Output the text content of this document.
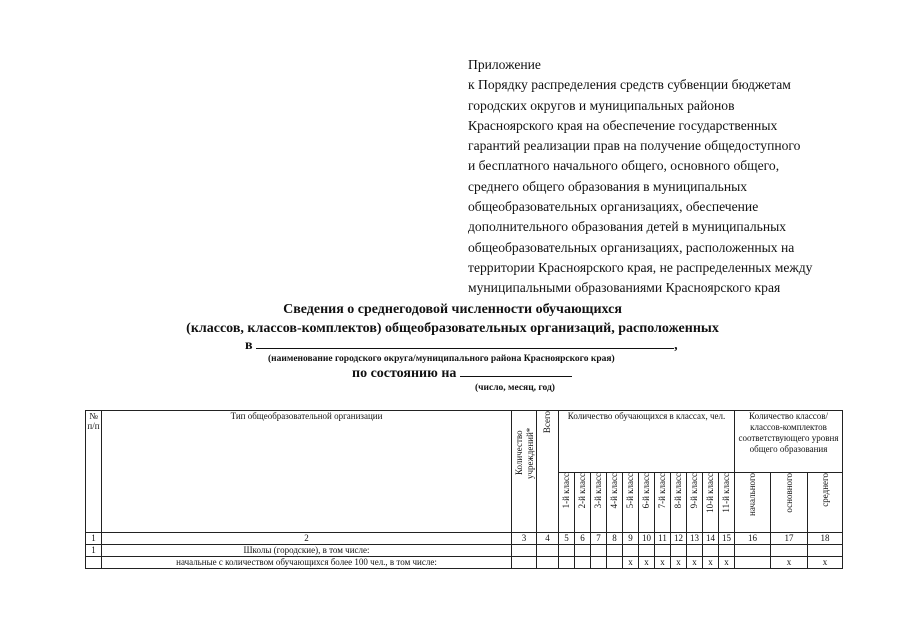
Приложение
к Порядку распределения средств субвенции бюджетам
городских округов и муниципальных районов
Красноярского края на обеспечение государственных
гарантий реализации прав на получение общедоступного
и бесплатного начального общего, основного общего,
среднего общего образования в муниципальных
общеобразовательных организациях, обеспечение
дополнительного образования детей в муниципальных
общеобразовательных организациях, расположенных на
территории Красноярского края, не распределенных между
муниципальными образованиями Красноярского края
Сведения о среднегодовой численности обучающихся
(классов, классов-комплектов) общеобразовательных организаций, расположенных
в	,
(наименование городского округа/муниципального района Красноярского края)
по состоянию на
(число, месяц, год)
№ п/п	Тип общеобразовательной организации	Количество учреждений*	Всего	Количество обучающихся в классах, чел.											Количество классов/ классов-комплектов соответствующего уровня общего образования		
				1-й класс	2-й класс	3-й класс	4-й класс	5-й класс	6-й класс	7-й класс	8-й класс	9-й класс	10-й класс	11-й класс	начального	основного	среднего
1	2	3	4	5	6	7	8	9	10	11	12	13	14	15	16	17	18
1	Школы (городские), в том числе:																
	начальные с количеством обучающихся более 100 чел., в том числе:							x	x	x	x	x	x	x		x	x
